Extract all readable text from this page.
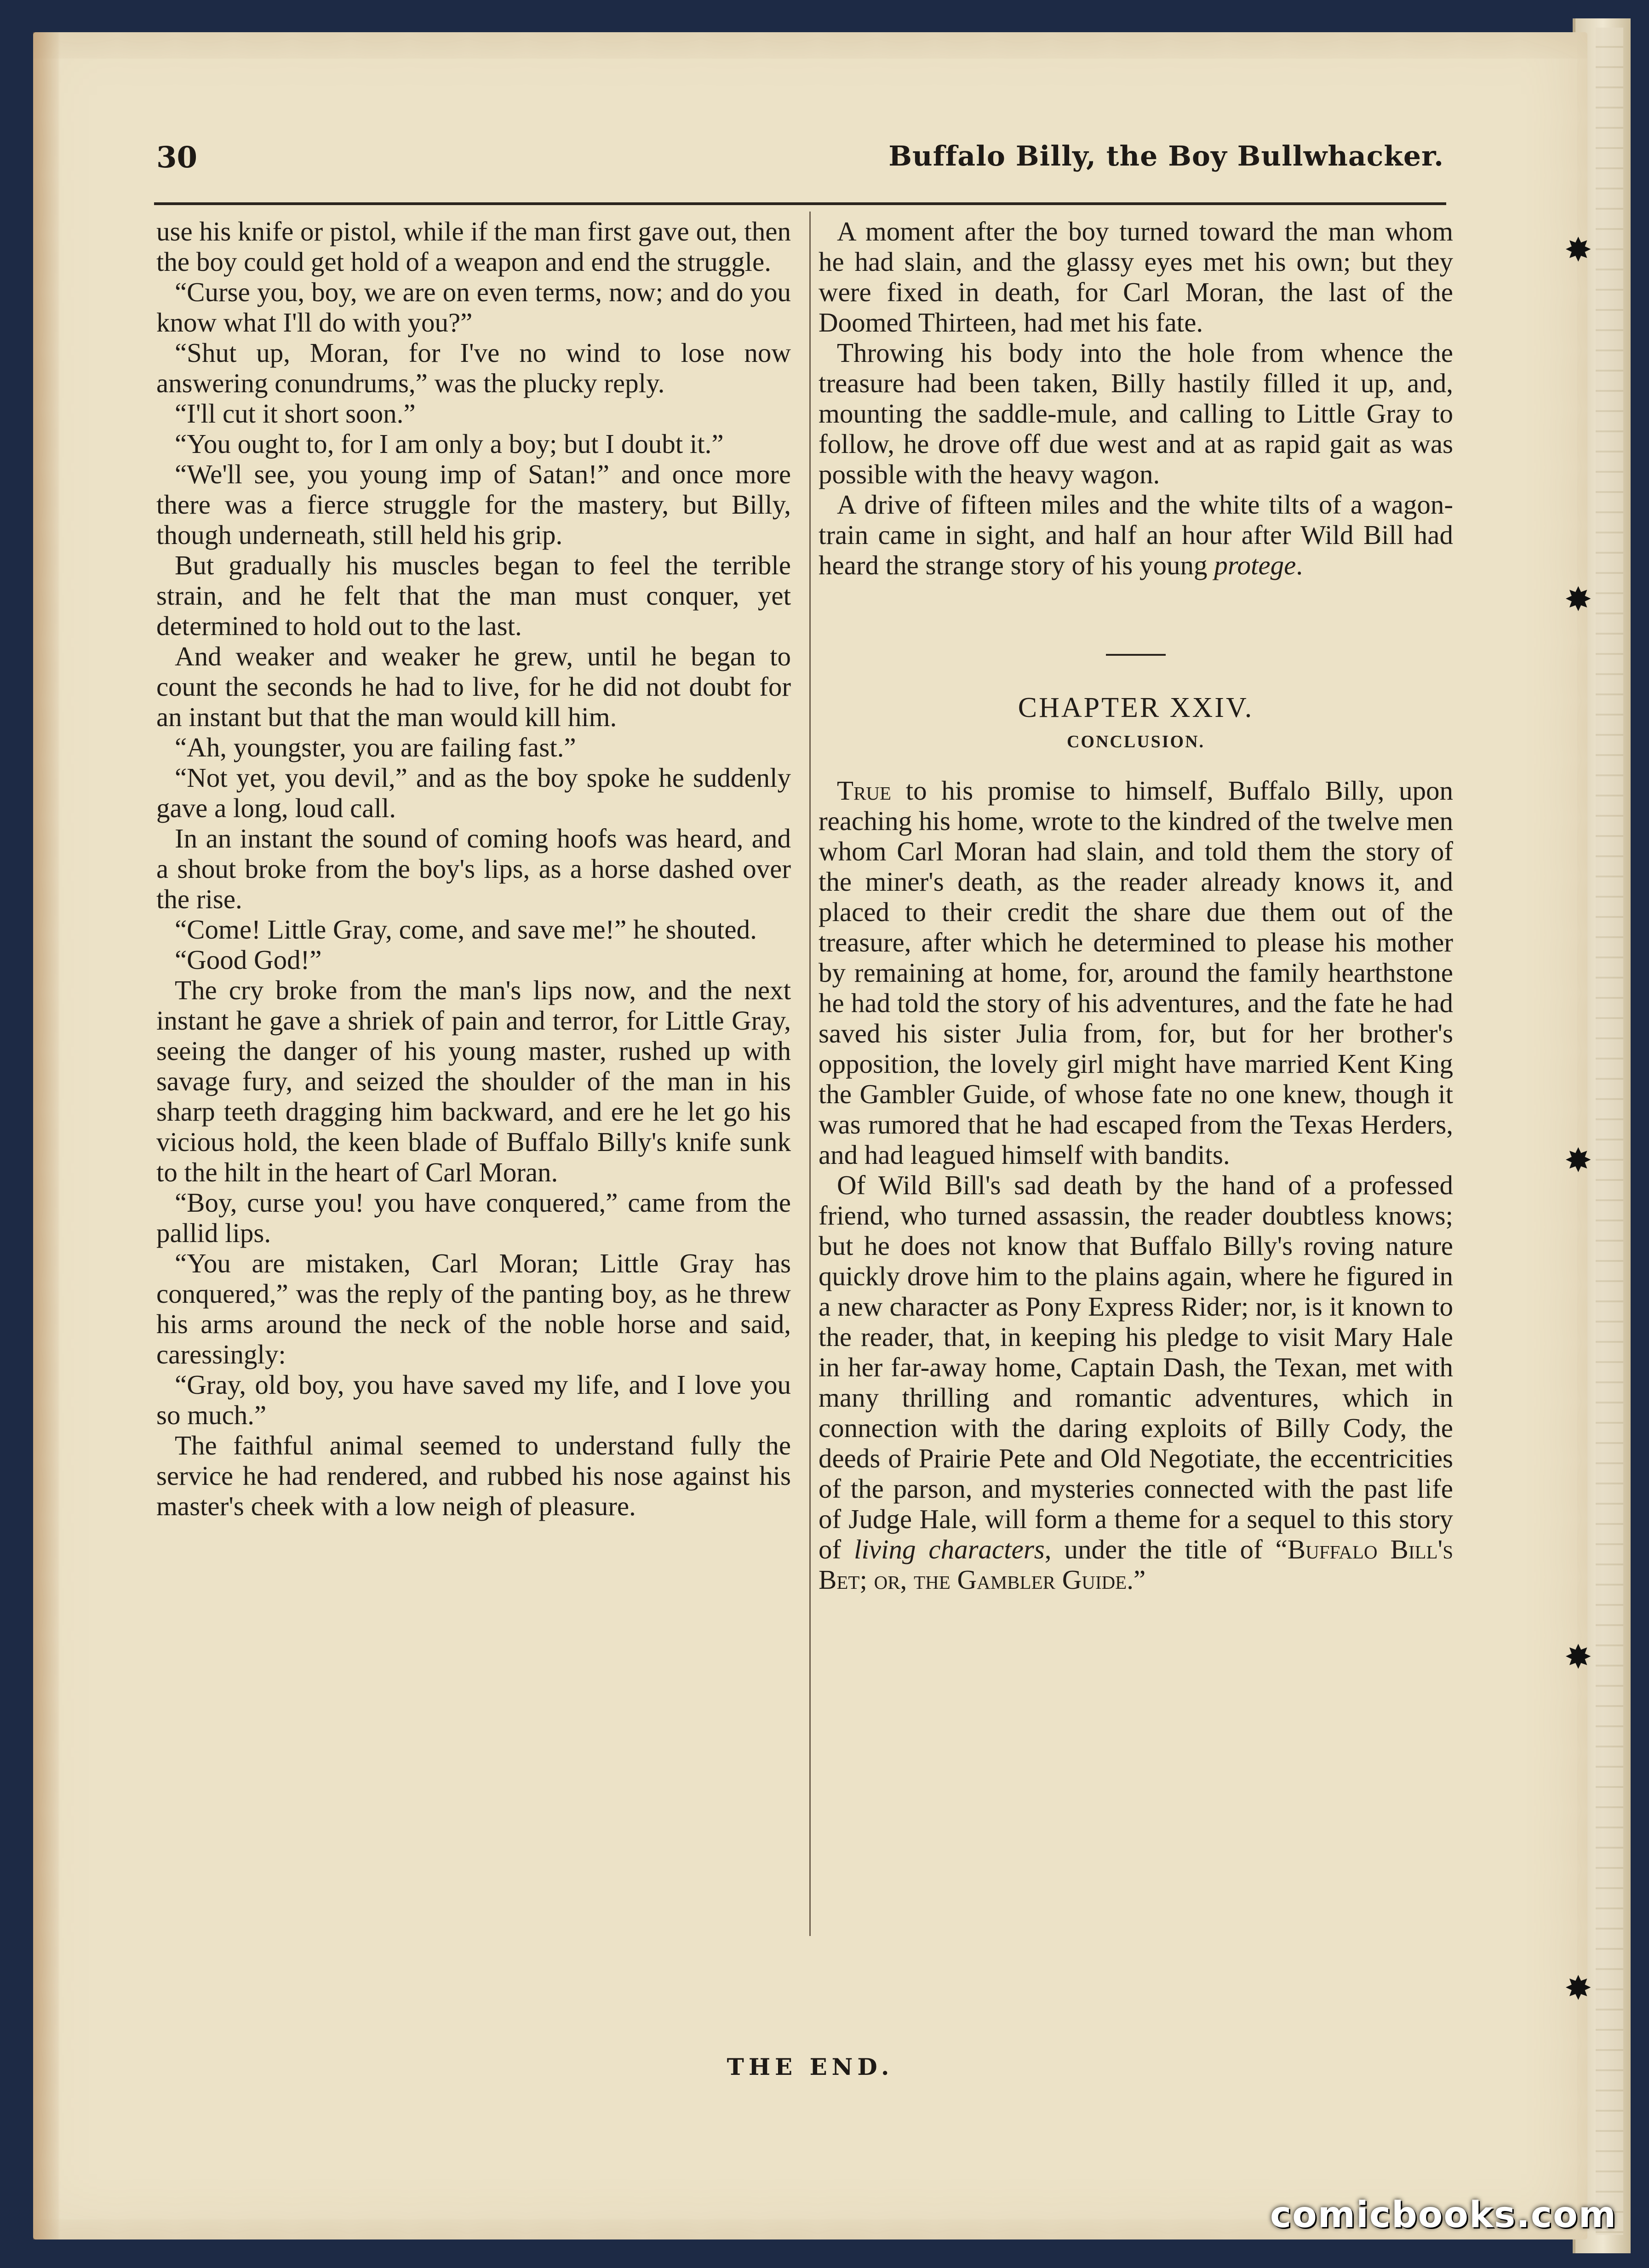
THE END.
✸
✸
✸
✸
✸
30	Buffalo Billy, the Boy Bullwhacker.

use his knife or pistol, while if the man first gave out, then the boy could get hold of a weapon and end the struggle.

“Curse you, boy, we are on even terms, now; and do you know what I'll do with you?”

“Shut up, Moran, for I've no wind to lose now answering conundrums,” was the plucky reply.

“I'll cut it short soon.”

“You ought to, for I am only a boy; but I doubt it.”

“We'll see, you young imp of Satan!” and once more there was a fierce struggle for the mastery, but Billy, though underneath, still held his grip.

But gradually his muscles began to feel the terrible strain, and he felt that the man must conquer, yet determined to hold out to the last.

And weaker and weaker he grew, until he began to count the seconds he had to live, for he did not doubt for an instant but that the man would kill him.

“Ah, youngster, you are failing fast.”

“Not yet, you devil,” and as the boy spoke he suddenly gave a long, loud call.

In an instant the sound of coming hoofs was heard, and a shout broke from the boy's lips, as a horse dashed over the rise.

“Come! Little Gray, come, and save me!” he shouted.

“Good God!”

The cry broke from the man's lips now, and the next instant he gave a shriek of pain and terror, for Little Gray, seeing the danger of his young master, rushed up with savage fury, and seized the shoulder of the man in his sharp teeth dragging him backward, and ere he let go his vicious hold, the keen blade of Buffalo Billy's knife sunk to the hilt in the heart of Carl Moran.

“Boy, curse you! you have conquered,” came from the pallid lips.

“You are mistaken, Carl Moran; Little Gray has conquered,” was the reply of the panting boy, as he threw his arms around the neck of the noble horse and said, caressingly:

“Gray, old boy, you have saved my life, and I love you so much.”

The faithful animal seemed to understand fully the service he had rendered, and rubbed his nose against his master's cheek with a low neigh of pleasure.

A moment after the boy turned toward the man whom he had slain, and the glassy eyes met his own; but they were fixed in death, for Carl Moran, the last of the Doomed Thirteen, had met his fate.

Throwing his body into the hole from whence the treasure had been taken, Billy hastily filled it up, and, mounting the saddle-mule, and calling to Little Gray to follow, he drove off due west and at as rapid gait as was possible with the heavy wagon.

A drive of fifteen miles and the white tilts of a wagon-train came in sight, and half an hour after Wild Bill had heard the strange story of his young protege.

CHAPTER XXIV.
CONCLUSION.

True to his promise to himself, Buffalo Billy, upon reaching his home, wrote to the kindred of the twelve men whom Carl Moran had slain, and told them the story of the miner's death, as the reader already knows it, and placed to their credit the share due them out of the treasure, after which he determined to please his mother by remaining at home, for, around the family hearthstone he had told the story of his adventures, and the fate he had saved his sister Julia from, for, but for her brother's opposition, the lovely girl might have married Kent King the Gambler Guide, of whose fate no one knew, though it was rumored that he had escaped from the Texas Herders, and had leagued himself with bandits.

Of Wild Bill's sad death by the hand of a professed friend, who turned assassin, the reader doubtless knows; but he does not know that Buffalo Billy's roving nature quickly drove him to the plains again, where he figured in a new character as Pony Express Rider; nor, is it known to the reader, that, in keeping his pledge to visit Mary Hale in her far-away home, Captain Dash, the Texan, met with many thrilling and romantic adventures, which in connection with the daring exploits of Billy Cody, the deeds of Prairie Pete and Old Negotiate, the eccentricities of the parson, and mysteries connected with the past life of Judge Hale, will form a theme for a sequel to this story of living characters, under the title of “Buffalo Bill's Bet; or, the Gambler Guide.”

comicbooks.com
